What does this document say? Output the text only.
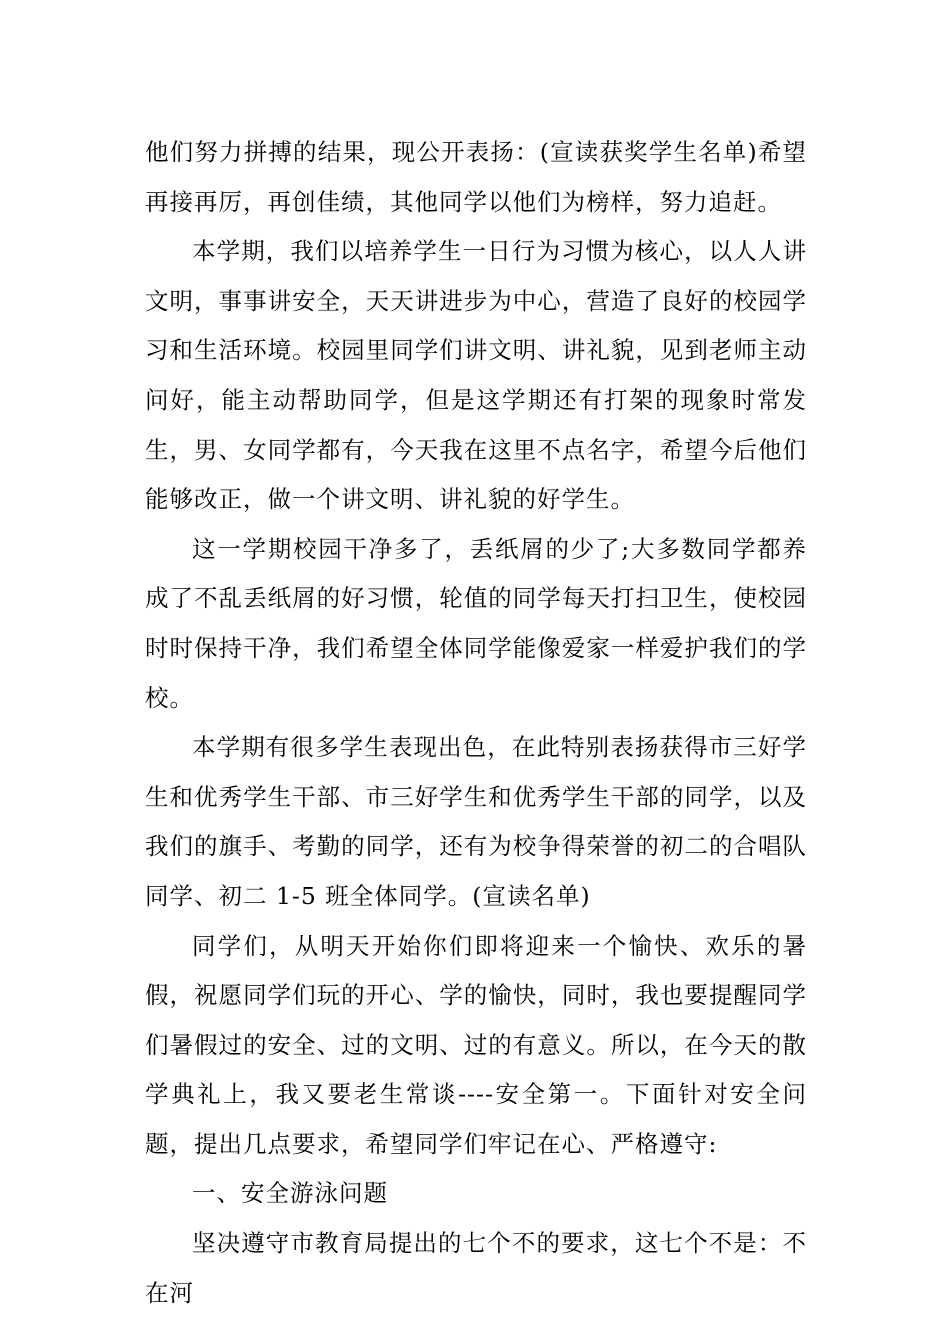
他们努力拼搏的结果，现公开表扬：(宣读获奖学生名单)希望再接再厉，再创佳绩，其他同学以他们为榜样，努力追赶。

本学期，我们以培养学生一日行为习惯为核心，以人人讲文明，事事讲安全，天天讲进步为中心，营造了良好的校园学习和生活环境。校园里同学们讲文明、讲礼貌，见到老师主动问好，能主动帮助同学，但是这学期还有打架的现象时常发生，男、女同学都有，今天我在这里不点名字，希望今后他们能够改正，做一个讲文明、讲礼貌的好学生。

这一学期校园干净多了，丢纸屑的少了;大多数同学都养成了不乱丢纸屑的好习惯，轮值的同学每天打扫卫生，使校园时时保持干净，我们希望全体同学能像爱家一样爱护我们的学校。

本学期有很多学生表现出色，在此特别表扬获得市三好学生和优秀学生干部、市三好学生和优秀学生干部的同学，以及我们的旗手、考勤的同学，还有为校争得荣誉的初二的合唱队同学、初二 1-5 班全体同学。(宣读名单)

同学们，从明天开始你们即将迎来一个愉快、欢乐的暑假，祝愿同学们玩的开心、学的愉快，同时，我也要提醒同学们暑假过的安全、过的文明、过的有意义。所以，在今天的散学典礼上，我又要老生常谈----安全第一。下面针对安全问题，提出几点要求，希望同学们牢记在心、严格遵守:

一、安全游泳问题

坚决遵守市教育局提出的七个不的要求，这七个不是：不在河
